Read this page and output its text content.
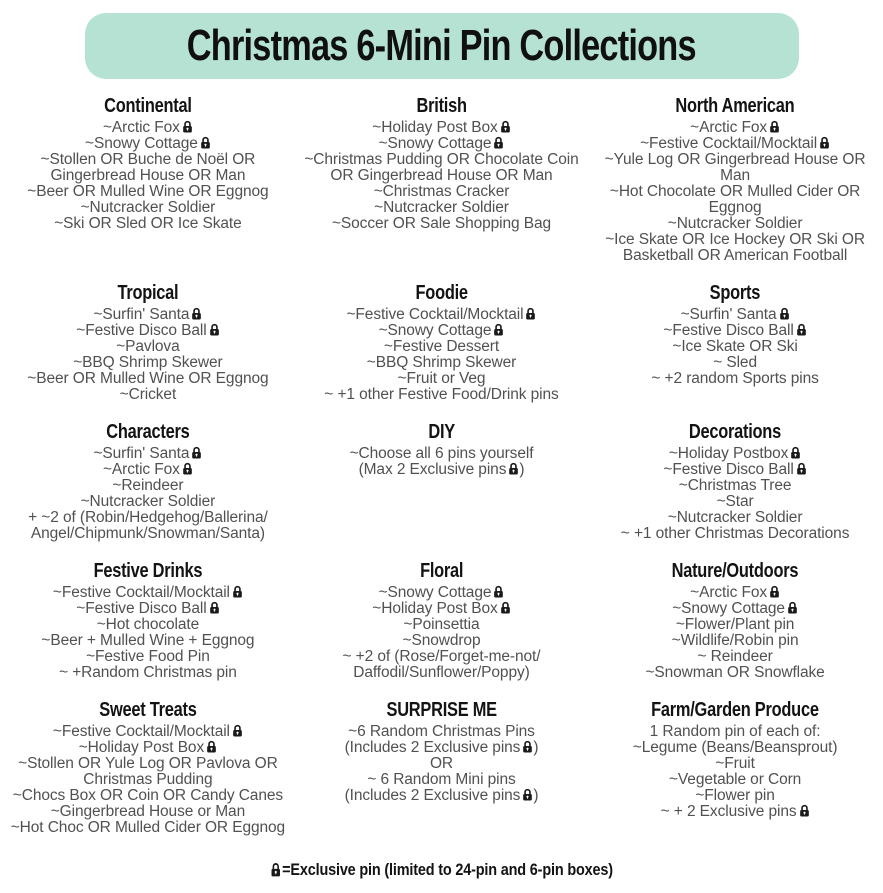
Christmas 6-Mini Pin Collections
Continental
~Arctic Fox
~Snowy Cottage
~Stollen OR Buche de Noël OR Gingerbread House OR Man
~Beer OR Mulled Wine OR Eggnog
~Nutcracker Soldier
~Ski OR Sled OR Ice Skate
British
~Holiday Post Box
~Snowy Cottage
~Christmas Pudding OR Chocolate Coin OR Gingerbread House OR Man
~Christmas Cracker
~Nutcracker Soldier
~Soccer OR Sale Shopping Bag
North American
~Arctic Fox
~Festive Cocktail/Mocktail
~Yule Log OR Gingerbread House OR Man
~Hot Chocolate OR Mulled Cider OR Eggnog
~Nutcracker Soldier
~Ice Skate OR Ice Hockey OR Ski OR Basketball OR American Football
Tropical
~Surfin' Santa
~Festive Disco Ball
~Pavlova
~BBQ Shrimp Skewer
~Beer OR Mulled Wine OR Eggnog
~Cricket
Foodie
~Festive Cocktail/Mocktail
~Snowy Cottage
~Festive Dessert
~BBQ Shrimp Skewer
~Fruit or Veg
~ +1 other Festive Food/Drink pins
Sports
~Surfin' Santa
~Festive Disco Ball
~Ice Skate OR Ski
~ Sled
~ +2 random Sports pins
Characters
~Surfin' Santa
~Arctic Fox
~Reindeer
~Nutcracker Soldier
+ ~2 of (Robin/Hedgehog/Ballerina/ Angel/Chipmunk/Snowman/Santa)
DIY
~Choose all 6 pins yourself
(Max 2 Exclusive pins )
Decorations
~Holiday Postbox
~Festive Disco Ball
~Christmas Tree
~Star
~Nutcracker Soldier
~ +1 other Christmas Decorations
Festive Drinks
~Festive Cocktail/Mocktail
~Festive Disco Ball
~Hot chocolate
~Beer + Mulled Wine + Eggnog
~Festive Food Pin
~ +Random Christmas pin
Floral
~Snowy Cottage
~Holiday Post Box
~Poinsettia
~Snowdrop
~ +2 of (Rose/Forget-me-not/ Daffodil/Sunflower/Poppy)
Nature/Outdoors
~Arctic Fox
~Snowy Cottage
~Flower/Plant pin
~Wildlife/Robin pin
~ Reindeer
~Snowman OR Snowflake
Sweet Treats
~Festive Cocktail/Mocktail
~Holiday Post Box
~Stollen OR Yule Log OR Pavlova OR Christmas Pudding
~Chocs Box OR Coin OR Candy Canes
~Gingerbread House or Man
~Hot Choc OR Mulled Cider OR Eggnog
SURPRISE ME
~6 Random Christmas Pins
(Includes 2 Exclusive pins )
OR
~ 6 Random Mini pins
(Includes 2 Exclusive pins )
Farm/Garden Produce
1 Random pin of each of:
~Legume (Beans/Beansprout)
~Fruit
~Vegetable or Corn
~Flower pin
~ + 2 Exclusive pins
=Exclusive pin (limited to 24-pin and 6-pin boxes)
